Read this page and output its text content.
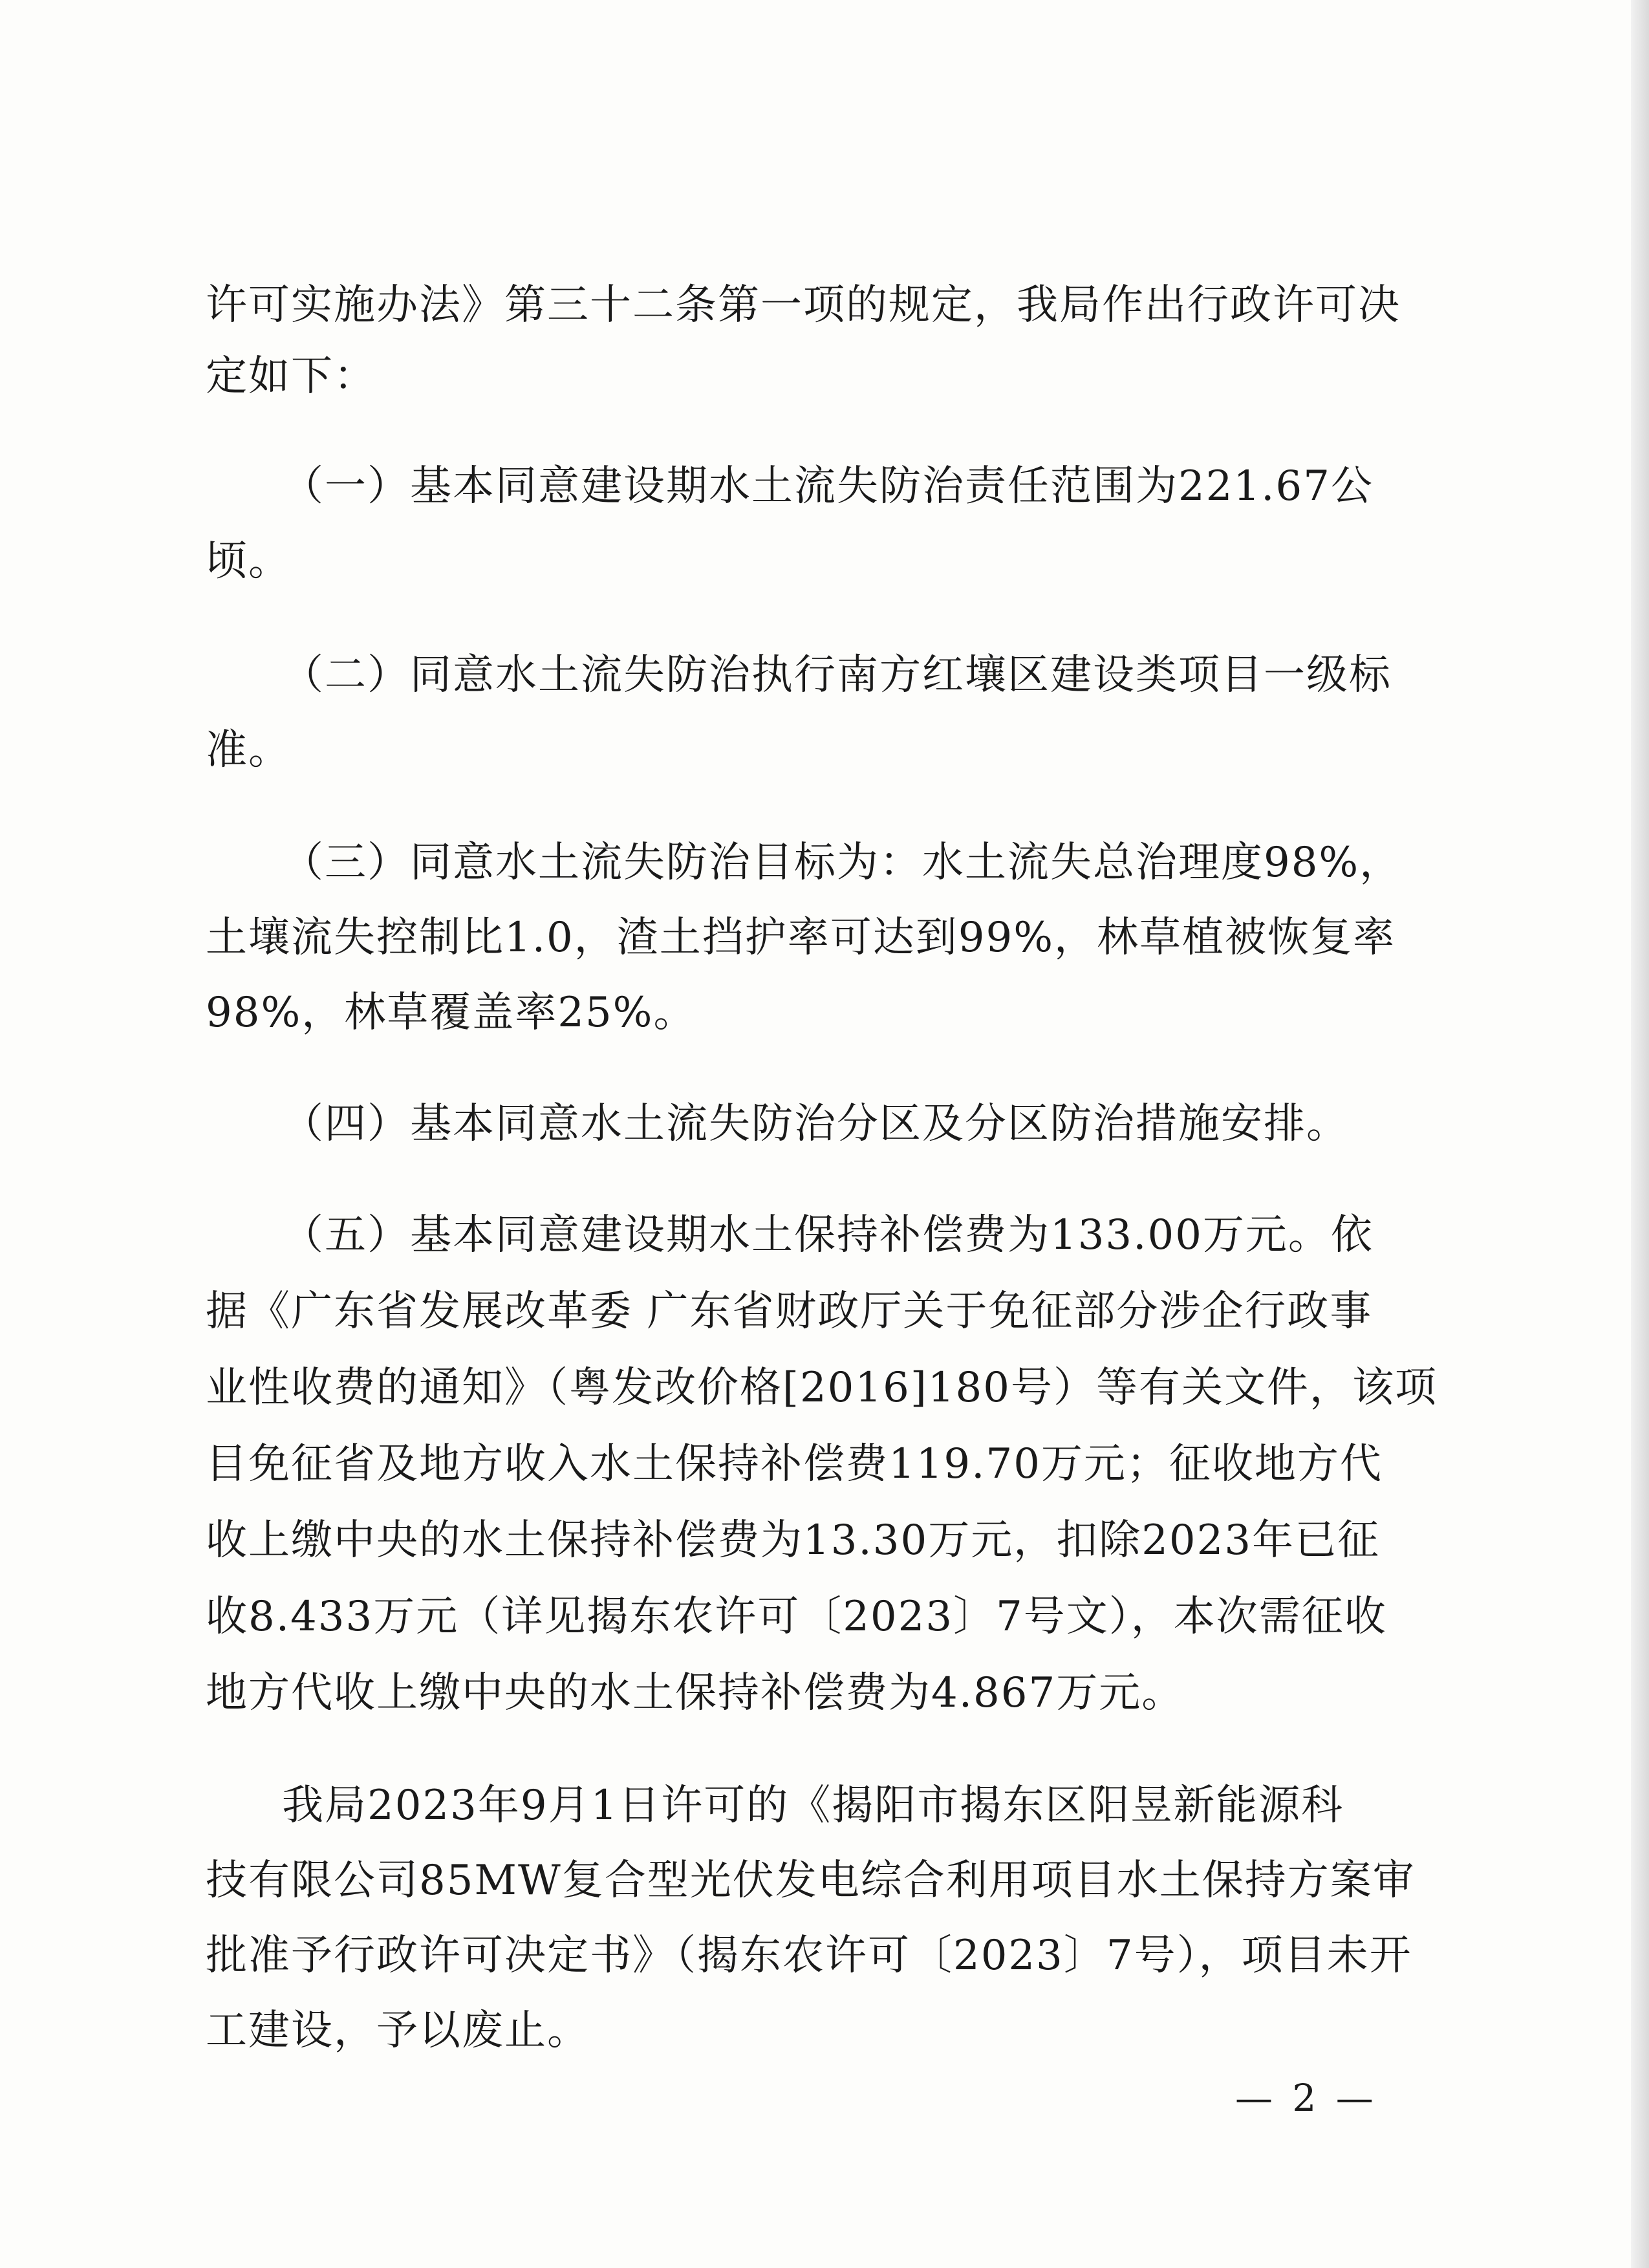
许可实施办法》第三十二条第一项的规定，我局作出行政许可决
定如下：
（一）基本同意建设期水土流失防治责任范围为221.67公
顷。
（二）同意水土流失防治执行南方红壤区建设类项目一级标
准。
（三）同意水土流失防治目标为：水土流失总治理度98%，
土壤流失控制比1.0，渣土挡护率可达到99%，林草植被恢复率
98%，林草覆盖率25%。
（四）基本同意水土流失防治分区及分区防治措施安排。
（五）基本同意建设期水土保持补偿费为133.00万元。依
据《广东省发展改革委 广东省财政厅关于免征部分涉企行政事
业性收费的通知》（粤发改价格[2016]180号）等有关文件，该项
目免征省及地方收入水土保持补偿费119.70万元；征收地方代
收上缴中央的水土保持补偿费为13.30万元，扣除2023年已征
收8.433万元（详见揭东农许可〔2023〕7号文），本次需征收
地方代收上缴中央的水土保持补偿费为4.867万元。
我局2023年9月1日许可的《揭阳市揭东区阳昱新能源科
技有限公司85MW复合型光伏发电综合利用项目水土保持方案审
批准予行政许可决定书》（揭东农许可〔2023〕7号），项目未开
工建设，予以废止。
— 2 —
